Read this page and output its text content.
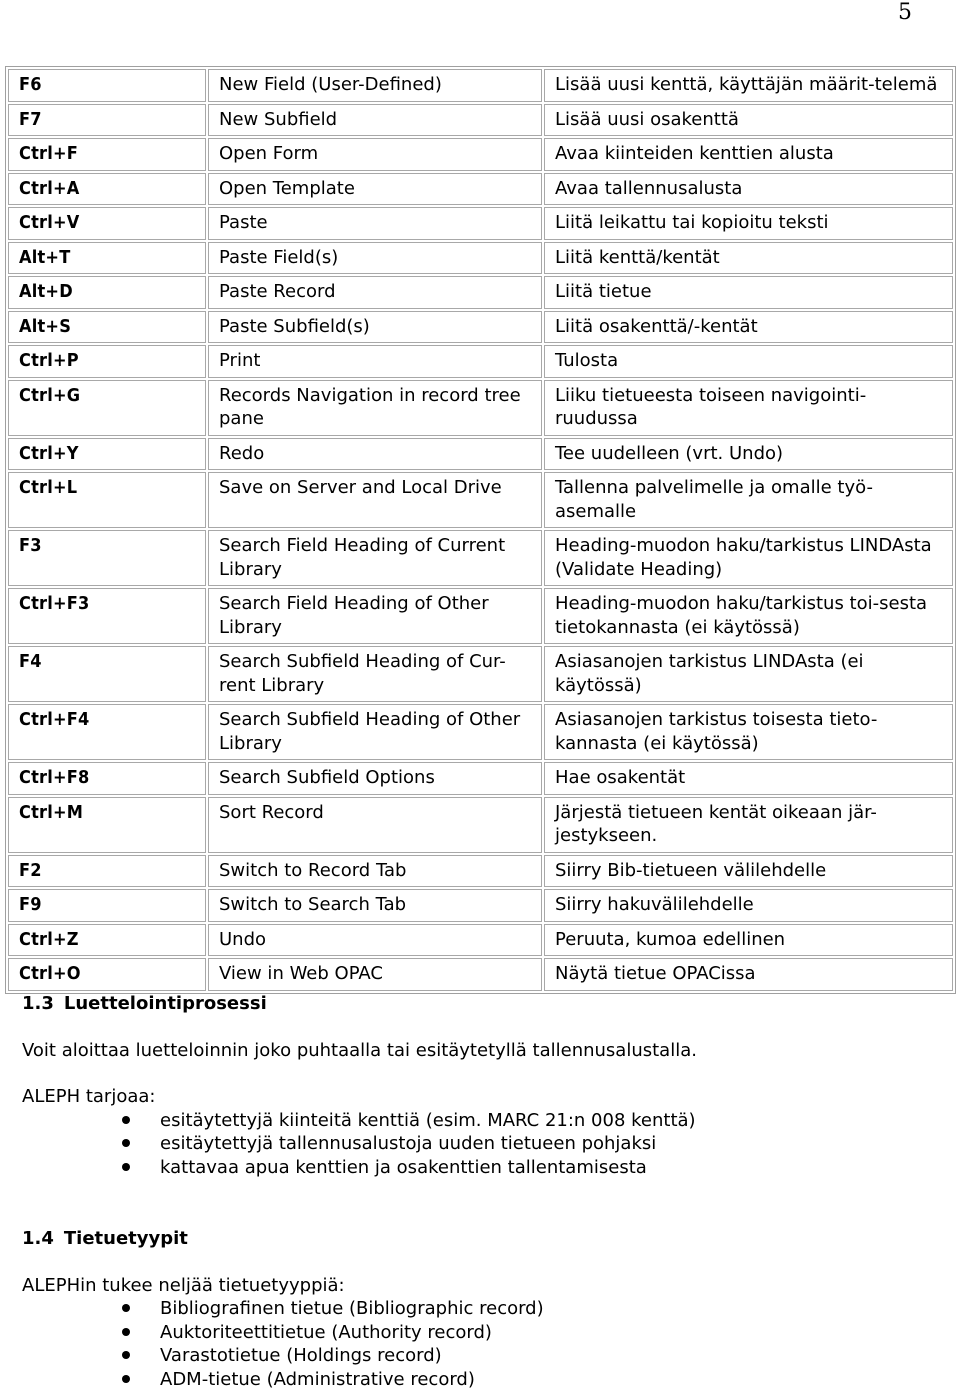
5
F6	New Field (User-Defined)	Lisää uusi kenttä, käyttäjän määrit-telemä
F7	New Subfield	Lisää uusi osakenttä
Ctrl+F	Open Form	Avaa kiinteiden kenttien alusta
Ctrl+A	Open Template	Avaa tallennusalusta
Ctrl+V	Paste	Liitä leikattu tai kopioitu teksti
Alt+T	Paste Field(s)	Liitä kenttä/kentät
Alt+D	Paste Record	Liitä tietue
Alt+S	Paste Subfield(s)	Liitä osakenttä/-kentät
Ctrl+P	Print	Tulosta
Ctrl+G	Records Navigation in record tree pane	Liiku tietueesta toiseen navigointi-ruudussa
Ctrl+Y	Redo	Tee uudelleen (vrt. Undo)
Ctrl+L	Save on Server and Local Drive	Tallenna palvelimelle ja omalle työ-asemalle
F3	Search Field Heading of Current Library	Heading-muodon haku/tarkistus LINDAsta (Validate Heading)
Ctrl+F3	Search Field Heading of Other Library	Heading-muodon haku/tarkistus toi-sesta tietokannasta (ei käytössä)
F4	Search Subfield Heading of Cur-rent Library	Asiasanojen tarkistus LINDAsta (ei käytössä)
Ctrl+F4	Search Subfield Heading of Other Library	Asiasanojen tarkistus toisesta tieto-kannasta (ei käytössä)
Ctrl+F8	Search Subfield Options	Hae osakentät
Ctrl+M	Sort Record	Järjestä tietueen kentät oikeaan jär-jestykseen.
F2	Switch to Record Tab	Siirry Bib-tietueen välilehdelle
F9	Switch to Search Tab	Siirry hakuvälilehdelle
Ctrl+Z	Undo	Peruuta, kumoa edellinen
Ctrl+O	View in Web OPAC	Näytä tietue OPACissa

1.3 Luettelointiprosessi

Voit aloittaa luetteloinnin joko puhtaalla tai esitäytetyllä tallennusalustalla.

ALEPH tarjoaa:

esitäytettyjä kiinteitä kenttiä (esim. MARC 21:n 008 kenttä)
esitäytettyjä tallennusalustoja uuden tietueen pohjaksi
kattavaa apua kenttien ja osakenttien tallentamisesta

1.4 Tietuetyypit

ALEPHin tukee neljää tietuetyyppiä:

Bibliografinen tietue (Bibliographic record)
Auktoriteettitietue (Authority record)
Varastotietue (Holdings record)
ADM-tietue (Administrative record)
